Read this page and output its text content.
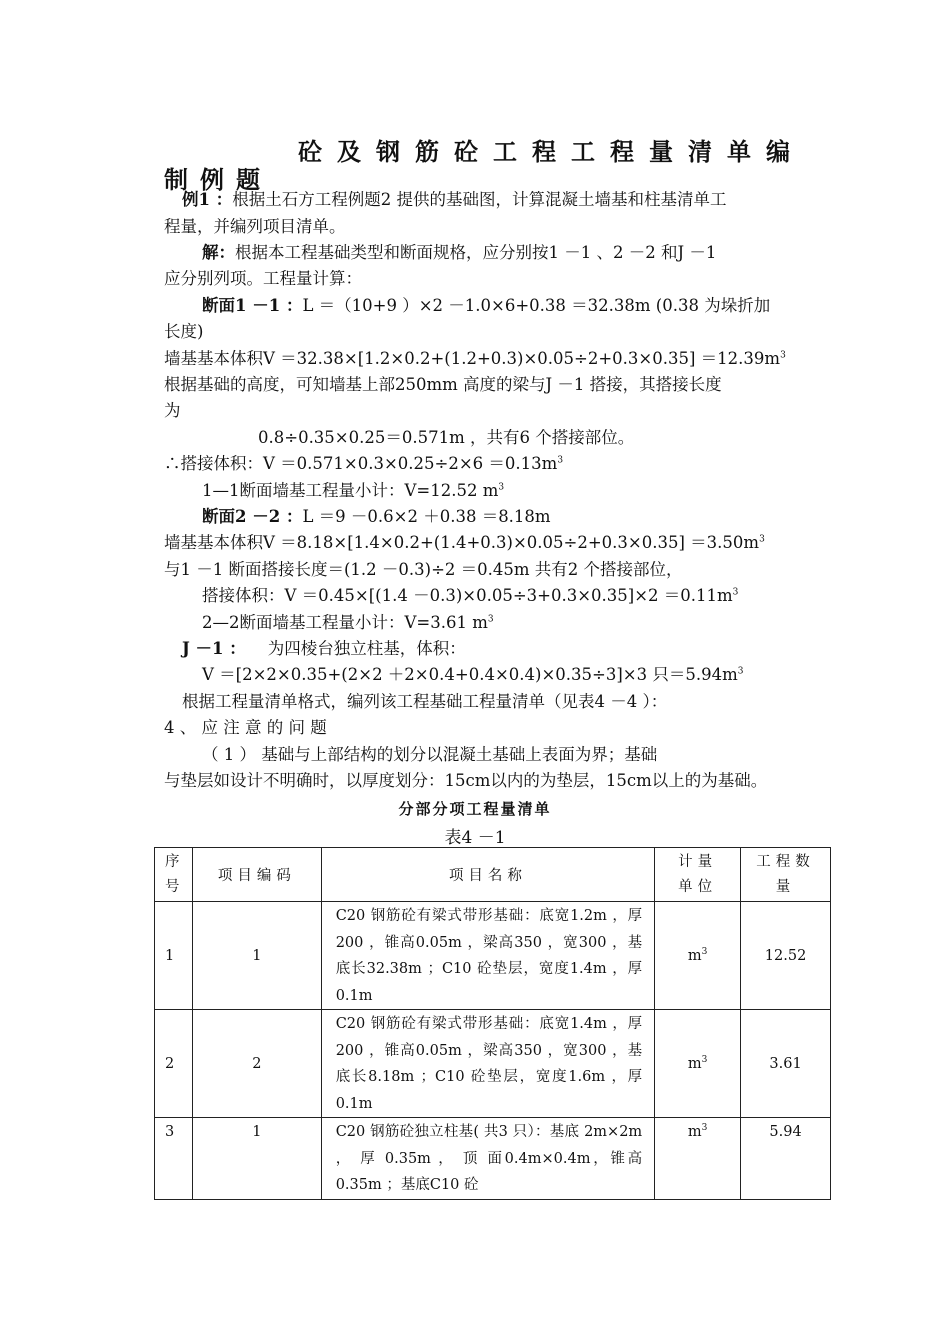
砼及钢筋砼工程工程量清单编
制例题
例1 ：根据土石方工程例题2 提供的基础图，计算混凝土墙基和柱基清单工
程量，并编列项目清单。
解：根据本工程基础类型和断面规格，应分别按1 －1 、2 －2 和J －1
应分别列项。工程量计算：
断面1 －1 ：L ＝（10+9 ）×2 －1.0×6+0.38 ＝32.38m (0.38 为垛折加
长度)
墙基基本体积$V =32.38\times[1.2\times 0.2+(1.2+0.3)\times 0.05\div 2+0.3\times 0.35] =12.39m^3$
根据基础的高度，可知墙基上部250mm 高度的梁与J －1 搭接，其搭接长度
为
0.8÷0.35×0.25＝0.571m ，共有6 个搭接部位。
∴搭接体积：$V =0.571\times 0.3\times 0.25\div 2\times 6 =0.13m^3$
1—1断面墙基工程量小计：V=12.52 $m^3$
断面2 －2 ：L ＝9 －0.6×2 ＋0.38 ＝8.18m
墙基基本体积$V =8.18\times[1.4\times 0.2+(1.4+0.3)\times 0.05\div 2+0.3\times 0.35] =3.50m^3$
与1 －1 断面搭接长度＝(1.2 －0.3)÷2 ＝0.45m 共有2 个搭接部位，
搭接体积：$V =0.45\times[(1.4 -0.3)\times 0.05\div 3+0.3\times 0.35]\times 2 =0.11m^3$
2—2断面墙基工程量小计：V=3.61 $m^3$
J －1 ： 为四棱台独立柱基，体积：
V ＝[2×2×0.35+(2×2 ＋2×0.4+0.4×0.4)×0.35÷3]×3 只$=5.94m^3$
根据工程量清单格式，编列该工程基础工程量清单（见表4 －4 ）：
4 、 应 注 意 的 问 题
（ 1 ） 基础与上部结构的划分以混凝土基础上表面为界；基础
与垫层如设计不明确时，以厚度划分：15cm以内的为垫层，15cm以上的为基础。
分部分项工程量清单
表4 －1
序号	项目编码	项目名称	计量单位	工程数量
1	1	C20 钢筋砼有梁式带形基础：底宽1.2m ，厚200 ，锥高0.05m ，梁高350 ，宽300 ，基底长32.38m ；C10 砼垫层，宽度1.4m ，厚0.1m	$m^3$	12.52
2	2	C20 钢筋砼有梁式带形基础：底宽1.4m ，厚200 ，锥高0.05m ，梁高350 ，宽300 ，基底长8.18m ；C10 砼垫层，宽度1.6m ，厚0.1m	$m^3$	3.61
3	1	C20 钢筋砼独立柱基( 共3 只）：基底 2m×2m ， 厚 0.35m ， 顶 面0.4m×0.4m，锥高0.35m ；基底C10 砼	$m^3$	5.94
